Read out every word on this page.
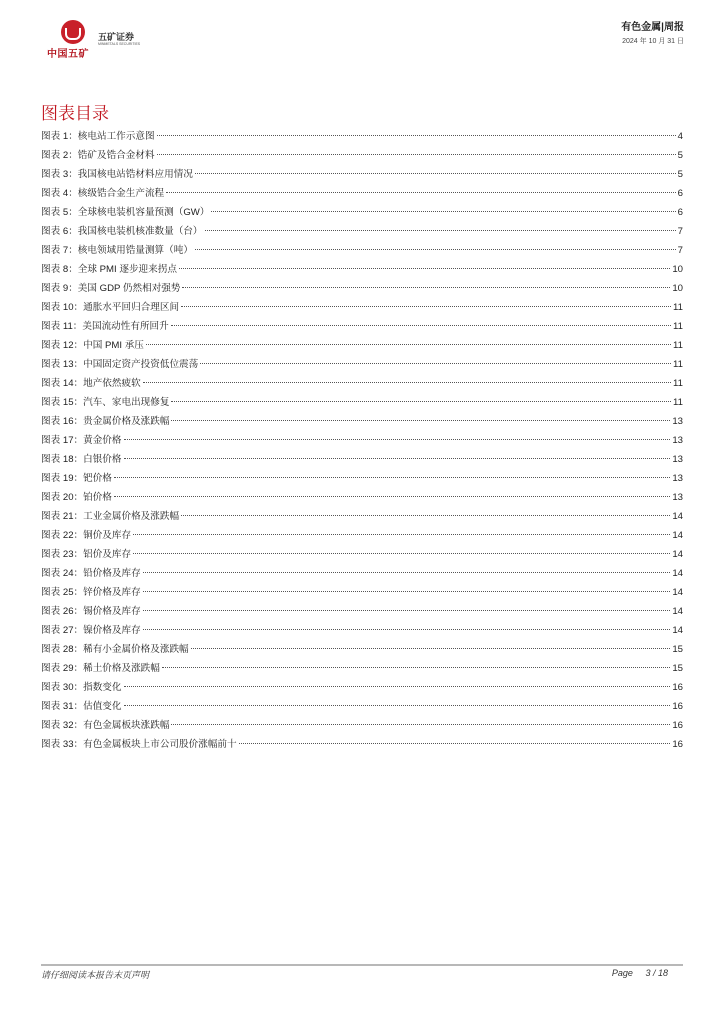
中国五矿
五矿证券
MINMETALS SECURITIES
有色金属|周报
2024 年 10 月 31 日
图表目录
图表 1：核电站工作示意图	4
图表 2：锆矿及锆合金材料	5
图表 3：我国核电站锆材料应用情况	5
图表 4：核级锆合金生产流程	6
图表 5：全球核电装机容量预测（GW）	6
图表 6：我国核电装机核准数量（台）	7
图表 7：核电领域用锆量测算（吨）	7
图表 8：全球 PMI 逐步迎来拐点	10
图表 9：美国 GDP 仍然相对强势	10
图表 10：通胀水平回归合理区间	11
图表 11：美国流动性有所回升	11
图表 12：中国 PMI 承压	11
图表 13：中国固定资产投资低位震荡	11
图表 14：地产依然疲软	11
图表 15：汽车、家电出现修复	11
图表 16：贵金属价格及涨跌幅	13
图表 17：黄金价格	13
图表 18：白银价格	13
图表 19：钯价格	13
图表 20：铂价格	13
图表 21：工业金属价格及涨跌幅	14
图表 22：铜价及库存	14
图表 23：铝价及库存	14
图表 24：铅价格及库存	14
图表 25：锌价格及库存	14
图表 26：锡价格及库存	14
图表 27：镍价格及库存	14
图表 28：稀有小金属价格及涨跌幅	15
图表 29：稀土价格及涨跌幅	15
图表 30：指数变化	16
图表 31：估值变化	16
图表 32：有色金属板块涨跌幅	16
图表 33：有色金属板块上市公司股价涨幅前十	16
请仔细阅读本报告末页声明	Page 3 / 18
